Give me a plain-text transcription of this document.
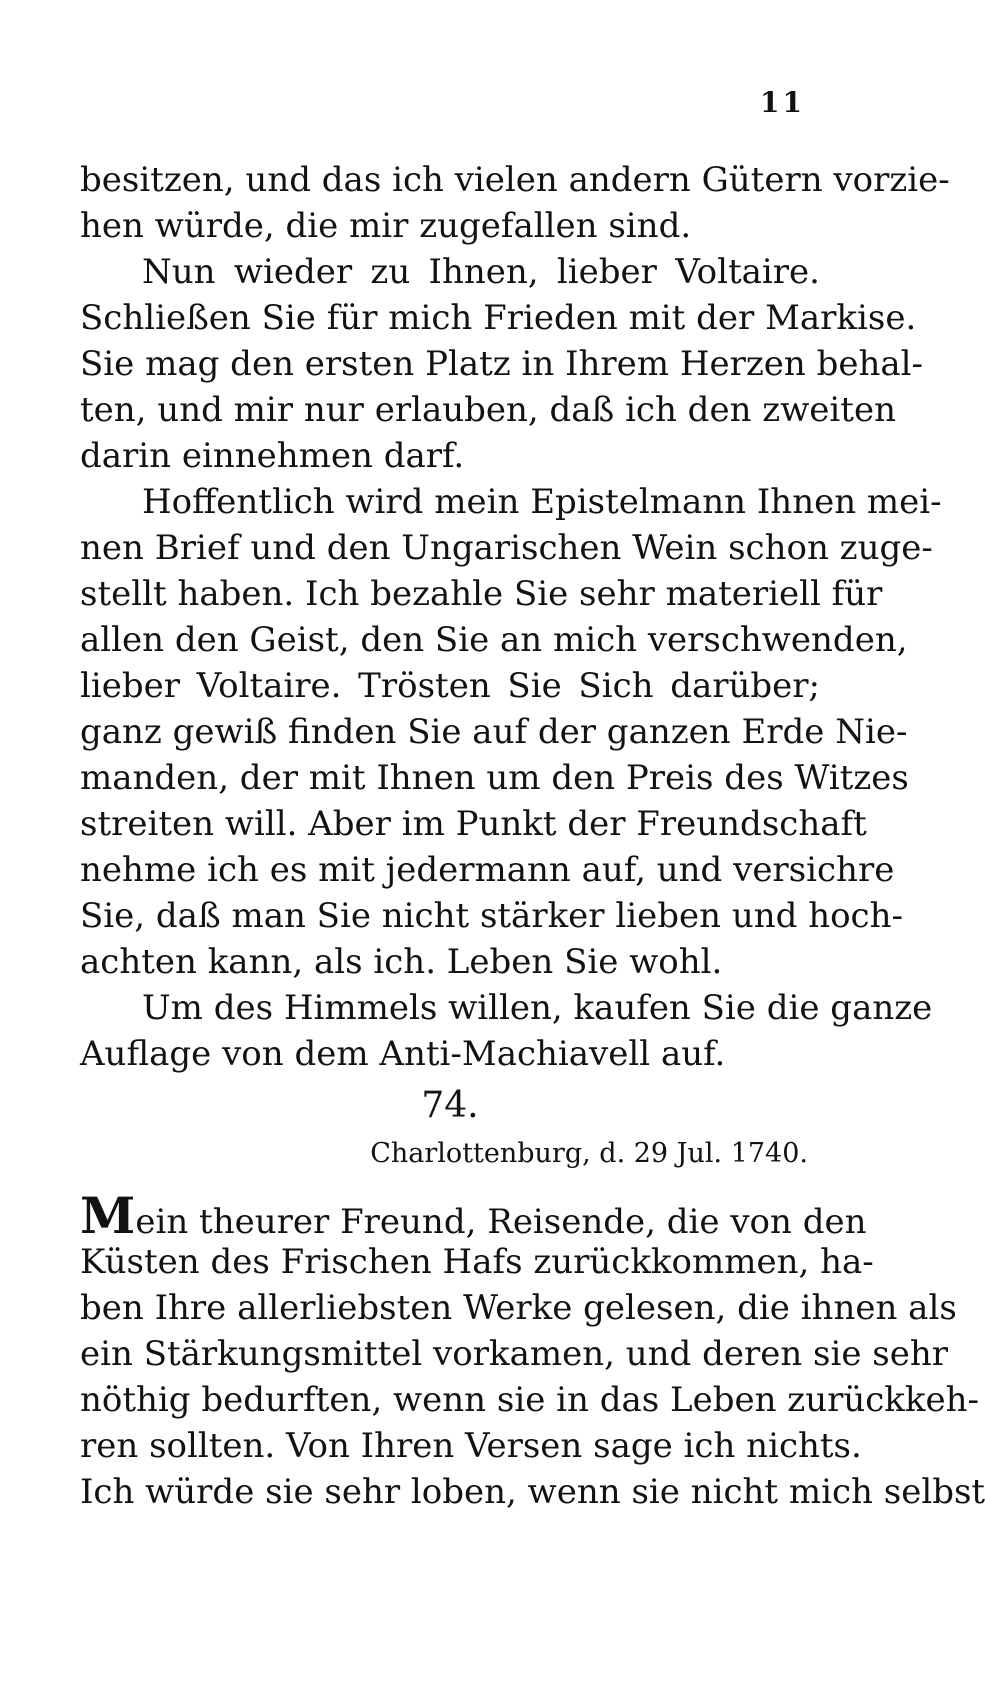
11
besitzen, und das ich vielen andern Gütern vorzie-
hen würde, die mir zugefallen sind.
Nun wieder zu Ihnen, lieber Voltaire.
Schließen Sie für mich Frieden mit der Markise.
Sie mag den ersten Platz in Ihrem Herzen behal-
ten, und mir nur erlauben, daß ich den zweiten
darin einnehmen darf.
Hoffentlich wird mein Epistelmann Ihnen mei-
nen Brief und den Ungarischen Wein schon zuge-
stellt haben. Ich bezahle Sie sehr materiell für
allen den Geist, den Sie an mich verschwenden,
lieber Voltaire. Trösten Sie Sich darüber;
ganz gewiß finden Sie auf der ganzen Erde Nie-
manden, der mit Ihnen um den Preis des Witzes
streiten will. Aber im Punkt der Freundschaft
nehme ich es mit jedermann auf, und versichre
Sie, daß man Sie nicht stärker lieben und hoch-
achten kann, als ich. Leben Sie wohl.
Um des Himmels willen, kaufen Sie die ganze
Auflage von dem Anti-Machiavell auf.
74.
Charlottenburg, d. 29 Jul. 1740.
Mein theurer Freund, Reisende, die von den
Küsten des Frischen Hafs zurückkommen, ha-
ben Ihre allerliebsten Werke gelesen, die ihnen als
ein Stärkungsmittel vorkamen, und deren sie sehr
nöthig bedurften, wenn sie in das Leben zurückkeh-
ren sollten. Von Ihren Versen sage ich nichts.
Ich würde sie sehr loben, wenn sie nicht mich selbst
